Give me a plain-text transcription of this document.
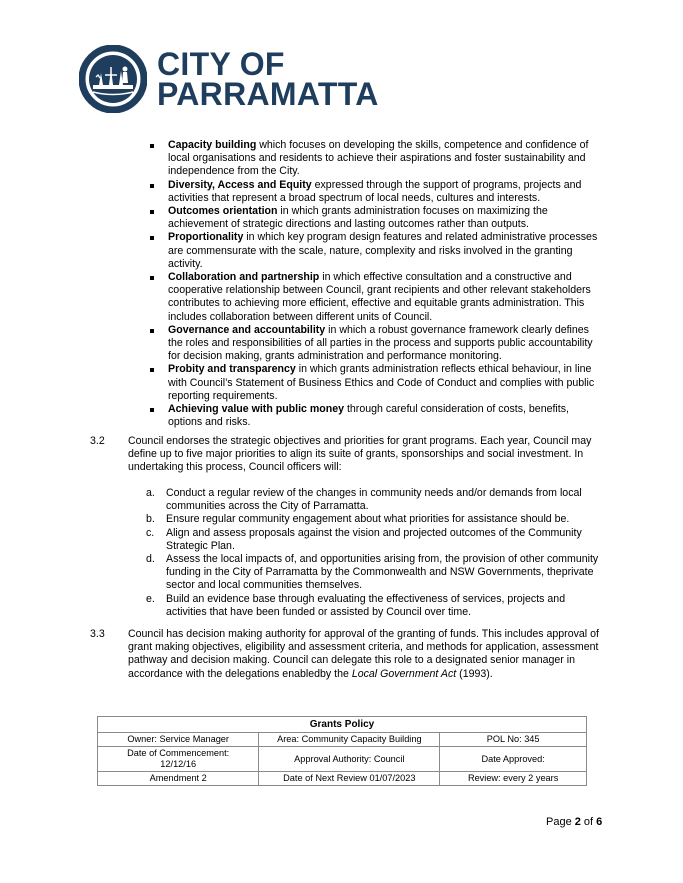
CITY OF
PARRAMATTA
Capacity building which focuses on developing the skills, competence and confidence of local organisations and residents to achieve their aspirations and foster sustainability and independence from the City.
Diversity, Access and Equity expressed through the support of programs, projects and activities that represent a broad spectrum of local needs, cultures and interests.
Outcomes orientation in which grants administration focuses on maximizing the achievement of strategic directions and lasting outcomes rather than outputs.
Proportionality in which key program design features and related administrative processes are commensurate with the scale, nature, complexity and risks involved in the granting activity.
Collaboration and partnership in which effective consultation and a constructive and cooperative relationship between Council, grant recipients and other relevant stakeholders contributes to achieving more efficient, effective and equitable grants administration. This includes collaboration between different units of Council.
Governance and accountability in which a robust governance framework clearly defines the roles and responsibilities of all parties in the process and supports public accountability for decision making, grants administration and performance monitoring.
Probity and transparency in which grants administration reflects ethical behaviour, in line with Council’s Statement of Business Ethics and Code of Conduct and complies with public reporting requirements.
Achieving value with public money through careful consideration of costs, benefits, options and risks.
3.2 Council endorses the strategic objectives and priorities for grant programs. Each year, Council may define up to five major priorities to align its suite of grants, sponsorships and social investment. In undertaking this process, Council officers will:
a. Conduct a regular review of the changes in community needs and/or demands from local communities across the City of Parramatta.
b. Ensure regular community engagement about what priorities for assistance should be.
c. Align and assess proposals against the vision and projected outcomes of the Community Strategic Plan.
d. Assess the local impacts of, and opportunities arising from, the provision of other community funding in the City of Parramatta by the Commonwealth and NSW Governments, theprivate sector and local communities themselves.
e. Build an evidence base through evaluating the effectiveness of services, projects and activities that have been funded or assisted by Council over time.
3.3 Council has decision making authority for approval of the granting of funds. This includes approval of grant making objectives, eligibility and assessment criteria, and methods for application, assessment pathway and decision making. Council can delegate this role to a designated senior manager in accordance with the delegations enabledby the Local Government Act (1993).
Grants Policy		
Owner: Service Manager	Area: Community Capacity Building	POL No: 345

Date of Commencement:
12/12/16	Approval Authority: Council	Date Approved:
Amendment 2	Date of Next Review 01/07/2023	Review: every 2 years
Page 2 of 6
